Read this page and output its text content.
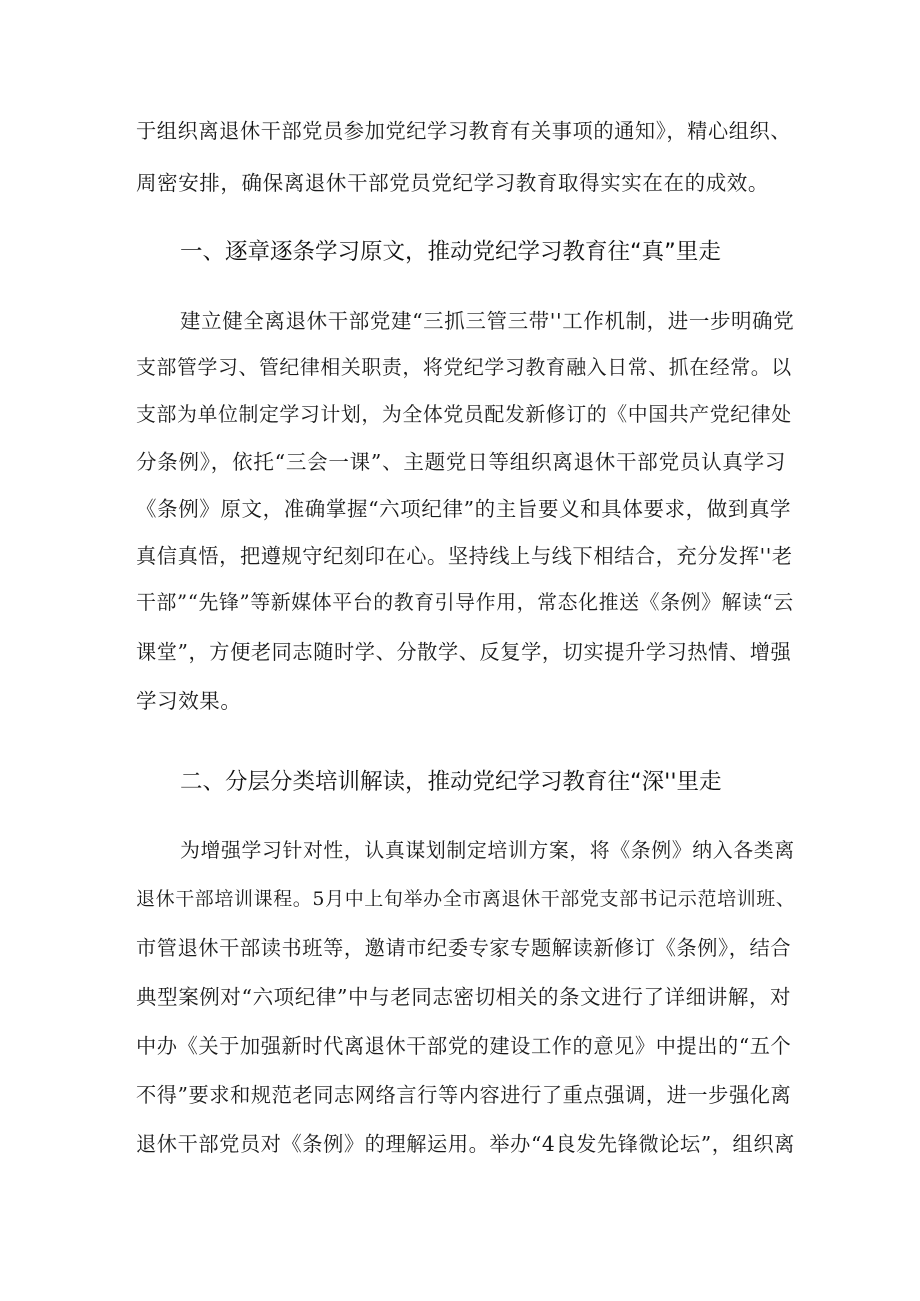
于组织离退休干部党员参加党纪学习教育有关事项的通知》，精心组织、
周密安排，确保离退休干部党员党纪学习教育取得实实在在的成效。
一、逐章逐条学习原文，推动党纪学习教育往“真”里走
建立健全离退休干部党建“三抓三管三带''工作机制，进一步明确党
支部管学习、管纪律相关职责，将党纪学习教育融入日常、抓在经常。以
支部为单位制定学习计划，为全体党员配发新修订的《中国共产党纪律处
分条例》，依托“三会一课”、主题党日等组织离退休干部党员认真学习
《条例》原文，准确掌握“六项纪律”的主旨要义和具体要求，做到真学
真信真悟，把遵规守纪刻印在心。坚持线上与线下相结合，充分发挥''老
干部”“先锋”等新媒体平台的教育引导作用，常态化推送《条例》解读“云
课堂”，方便老同志随时学、分散学、反复学，切实提升学习热情、增强
学习效果。
二、分层分类培训解读，推动党纪学习教育往“深''里走
为增强学习针对性，认真谋划制定培训方案，将《条例》纳入各类离
退休干部培训课程。5月中上旬举办全市离退休干部党支部书记示范培训班、
市管退休干部读书班等，邀请市纪委专家专题解读新修订《条例》，结合
典型案例对“六项纪律”中与老同志密切相关的条文进行了详细讲解，对
中办《关于加强新时代离退休干部党的建设工作的意见》中提出的“五个
不得”要求和规范老同志网络言行等内容进行了重点强调，进一步强化离
退休干部党员对《条例》的理解运用。举办“4良发先锋微论坛”，组织离
